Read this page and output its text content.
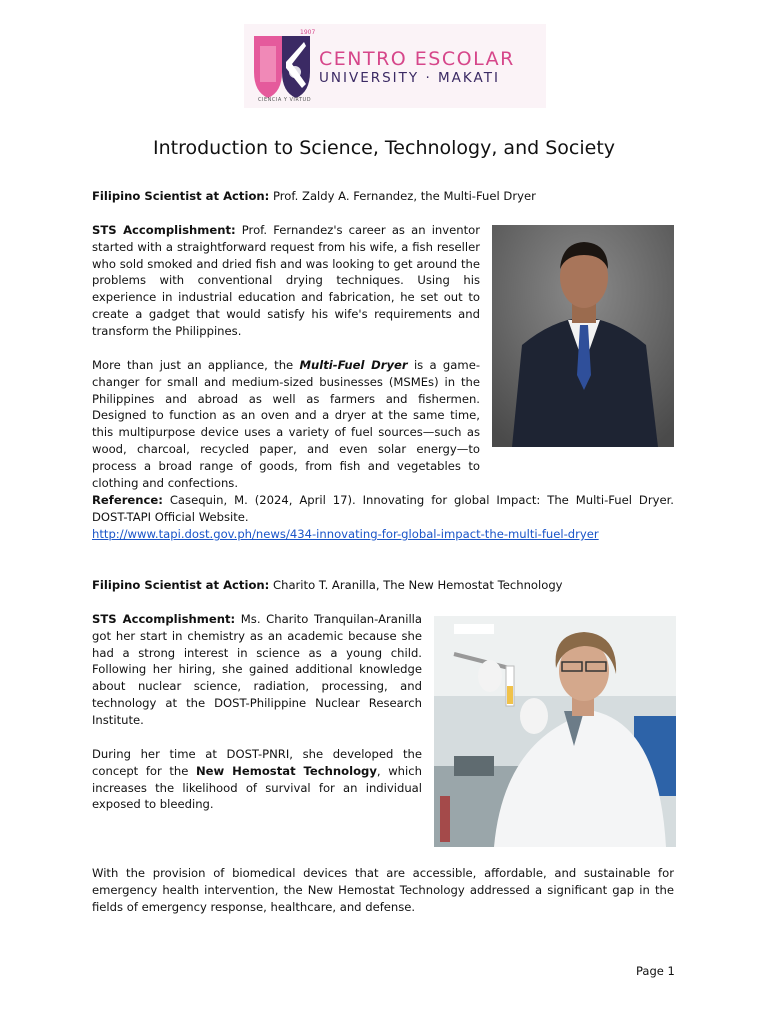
1907
CENTRO ESCOLAR
UNIVERSITY · MAKATI
CIENCIA Y VIRTUD
Introduction to Science, Technology, and Society

Filipino Scientist at Action: Prof. Zaldy A. Fernandez, the Multi-Fuel Dryer

STS Accomplishment: Prof. Fernandez's career as an inventor started with a straightforward request from his wife, a fish reseller who sold smoked and dried fish and was looking to get around the problems with conventional drying techniques. Using his experience in industrial education and fabrication, he set out to create a gadget that would satisfy his wife's requirements and transform the Philippines.

More than just an appliance, the Multi-Fuel Dryer is a game-changer for small and medium-sized businesses (MSMEs) in the Philippines and abroad as well as farmers and fishermen. Designed to function as an oven and a dryer at the same time, this multipurpose device uses a variety of fuel sources—such as wood, charcoal, recycled paper, and even solar energy—to process a broad range of goods, from fish and vegetables to clothing and confections.

Reference: Casequin, M. (2024, April 17). Innovating for global Impact: The Multi-Fuel Dryer. DOST-TAPI Official Website.

http://www.tapi.dost.gov.ph/news/434-innovating-for-global-impact-the-multi-fuel-dryer

Filipino Scientist at Action: Charito T. Aranilla, The New Hemostat Technology

STS Accomplishment: Ms. Charito Tranquilan-Aranilla got her start in chemistry as an academic because she had a strong interest in science as a young child. Following her hiring, she gained additional knowledge about nuclear science, radiation, processing, and technology at the DOST-Philippine Nuclear Research Institute.

During her time at DOST-PNRI, she developed the concept for the New Hemostat Technology, which increases the likelihood of survival for an individual exposed to bleeding.

With the provision of biomedical devices that are accessible, affordable, and sustainable for emergency health intervention, the New Hemostat Technology addressed a significant gap in the fields of emergency response, healthcare, and defense.

Page 1
